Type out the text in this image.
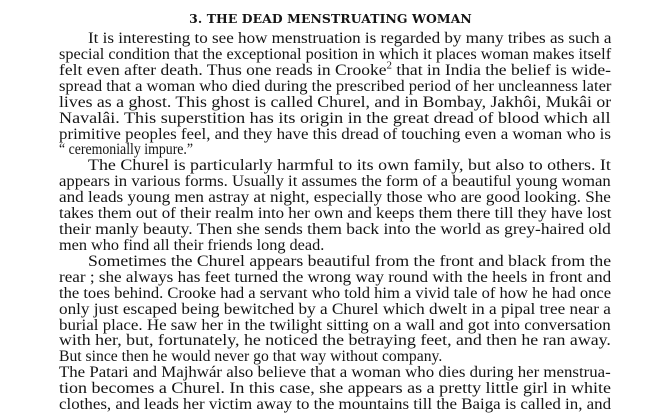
3. THE DEAD MENSTRUATING WOMAN
It is interesting to see how menstruation is regarded by many tribes as such a
special condition that the exceptional position in which it places woman makes itself
felt even after death. Thus one reads in Crooke$^2$ that in India the belief is wide-
spread that a woman who died during the prescribed period of her uncleanness later
lives as a ghost. This ghost is called Churel, and in Bombay, Jakhôi, Mukâi or
Navalâi. This superstition has its origin in the great dread of blood which all
primitive peoples feel, and they have this dread of touching even a woman who is
“ ceremonially impure.”
The Churel is particularly harmful to its own family, but also to others. It
appears in various forms. Usually it assumes the form of a beautiful young woman
and leads young men astray at night, especially those who are good looking. She
takes them out of their realm into her own and keeps them there till they have lost
their manly beauty. Then she sends them back into the world as grey-haired old
men who find all their friends long dead.
Sometimes the Churel appears beautiful from the front and black from the
rear ; she always has feet turned the wrong way round with the heels in front and
the toes behind. Crooke had a servant who told him a vivid tale of how he had once
only just escaped being bewitched by a Churel which dwelt in a pipal tree near a
burial place. He saw her in the twilight sitting on a wall and got into conversation
with her, but, fortunately, he noticed the betraying feet, and then he ran away.
But since then he would never go that way without company.
The Patari and Majhwár also believe that a woman who dies during her menstrua-
tion becomes a Churel. In this case, she appears as a pretty little girl in white
clothes, and leads her victim away to the mountains till the Baiga is called in, and
